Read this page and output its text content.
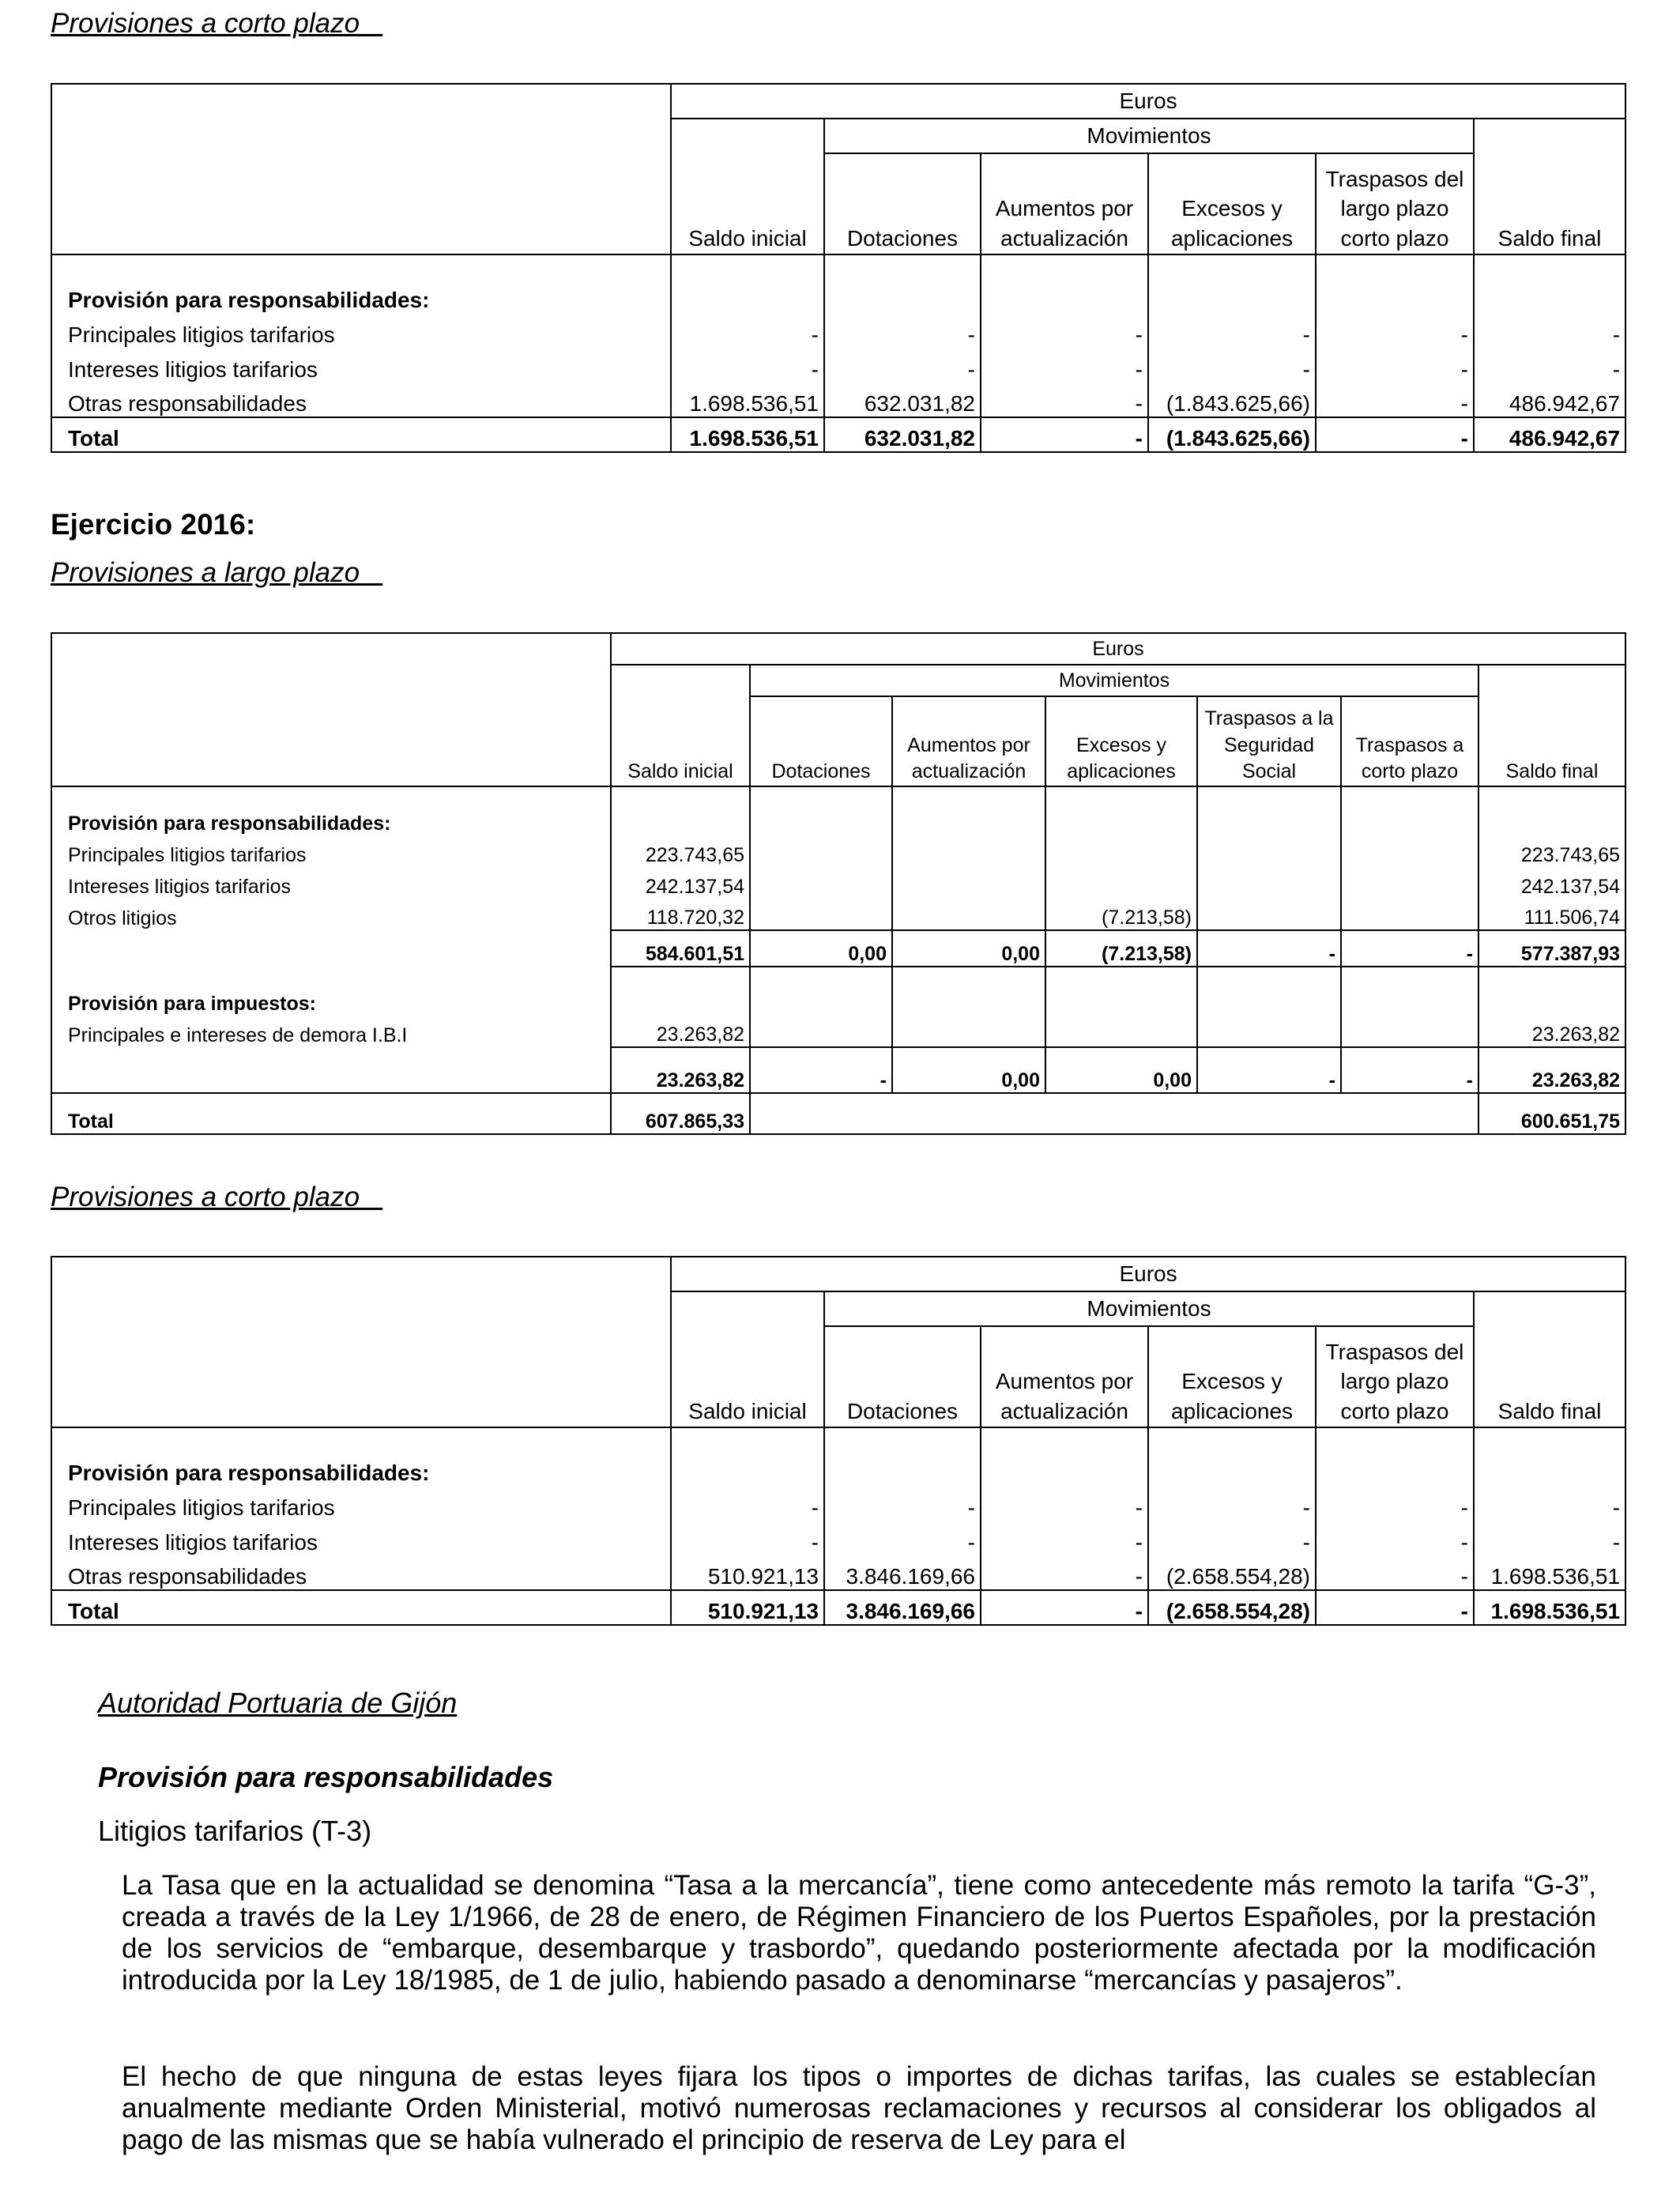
Provisiones a corto plazo
	Euros					
		Movimientos				
	Saldo inicial	Dotaciones	Aumentos por actualización	Excesos y aplicaciones	Traspasos del largo plazo corto plazo	Saldo final
Provisión para responsabilidades:						
Principales litigios tarifarios	-	-	-	-	-	-
Intereses litigios tarifarios	-	-	-	-	-	-
Otras responsabilidades	1.698.536,51	632.031,82	-	(1.843.625,66)	-	486.942,67
Total	1.698.536,51	632.031,82	-	(1.843.625,66)	-	486.942,67
Ejercicio 2016:
Provisiones a largo plazo
	Euros						
		Movimientos					
	Saldo inicial	Dotaciones	Aumentos por actualización	Excesos y aplicaciones	Traspasos a la Seguridad Social	Traspasos a corto plazo	Saldo final
Provisión para responsabilidades:							
Principales litigios tarifarios	223.743,65						223.743,65
Intereses litigios tarifarios	242.137,54						242.137,54
Otros litigios	118.720,32			(7.213,58)			111.506,74
	584.601,51	0,00	0,00	(7.213,58)	-	-	577.387,93
Provisión para impuestos:							
Principales e intereses de demora I.B.I	23.263,82						23.263,82
	23.263,82	-	0,00	0,00	-	-	23.263,82
Total	607.865,33						600.651,75
Provisiones a corto plazo
	Euros					
		Movimientos				
	Saldo inicial	Dotaciones	Aumentos por actualización	Excesos y aplicaciones	Traspasos del largo plazo corto plazo	Saldo final
Provisión para responsabilidades:						
Principales litigios tarifarios	-	-	-	-	-	-
Intereses litigios tarifarios	-	-	-	-	-	-
Otras responsabilidades	510.921,13	3.846.169,66	-	(2.658.554,28)	-	1.698.536,51
Total	510.921,13	3.846.169,66	-	(2.658.554,28)	-	1.698.536,51
Autoridad Portuaria de Gijón
Provisión para responsabilidades
Litigios tarifarios (T-3)

La Tasa que en la actualidad se denomina “Tasa a la mercancía”, tiene como antecedente más remoto la tarifa “G-3”, creada a través de la Ley 1/1966, de 28 de enero, de Régimen Financiero de los Puertos Españoles, por la prestación de los servicios de “embarque, desembarque y trasbordo”, quedando posteriormente afectada por la modificación introducida por la Ley 18/1985, de 1 de julio, habiendo pasado a denominarse “mercancías y pasajeros”.

El hecho de que ninguna de estas leyes fijara los tipos o importes de dichas tarifas, las cuales se establecían anualmente mediante Orden Ministerial, motivó numerosas reclamaciones y recursos al considerar los obligados al pago de las mismas que se había vulnerado el principio de reserva de Ley para el
